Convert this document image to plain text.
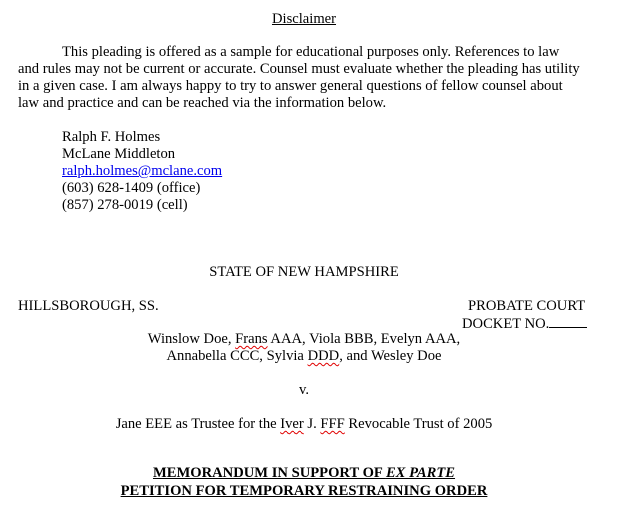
Disclaimer
This pleading is offered as a sample for educational purposes only. References to law
and rules may not be current or accurate. Counsel must evaluate whether the pleading has utility
in a given case. I am always happy to try to answer general questions of fellow counsel about
law and practice and can be reached via the information below.
Ralph F. Holmes
McLane Middleton
ralph.holmes@mclane.com
(603) 628-1409 (office)
(857) 278-0019 (cell)
STATE OF NEW HAMPSHIRE
HILLSBOROUGH, SS.	PROBATE COURT
DOCKET NO.
Winslow Doe, Frans AAA, Viola BBB, Evelyn AAA,
Annabella CCC, Sylvia DDD, and Wesley Doe
v.
Jane EEE as Trustee for the Iver J. FFF Revocable Trust of 2005
MEMORANDUM IN SUPPORT OF EX PARTE
PETITION FOR TEMPORARY RESTRAINING ORDER
